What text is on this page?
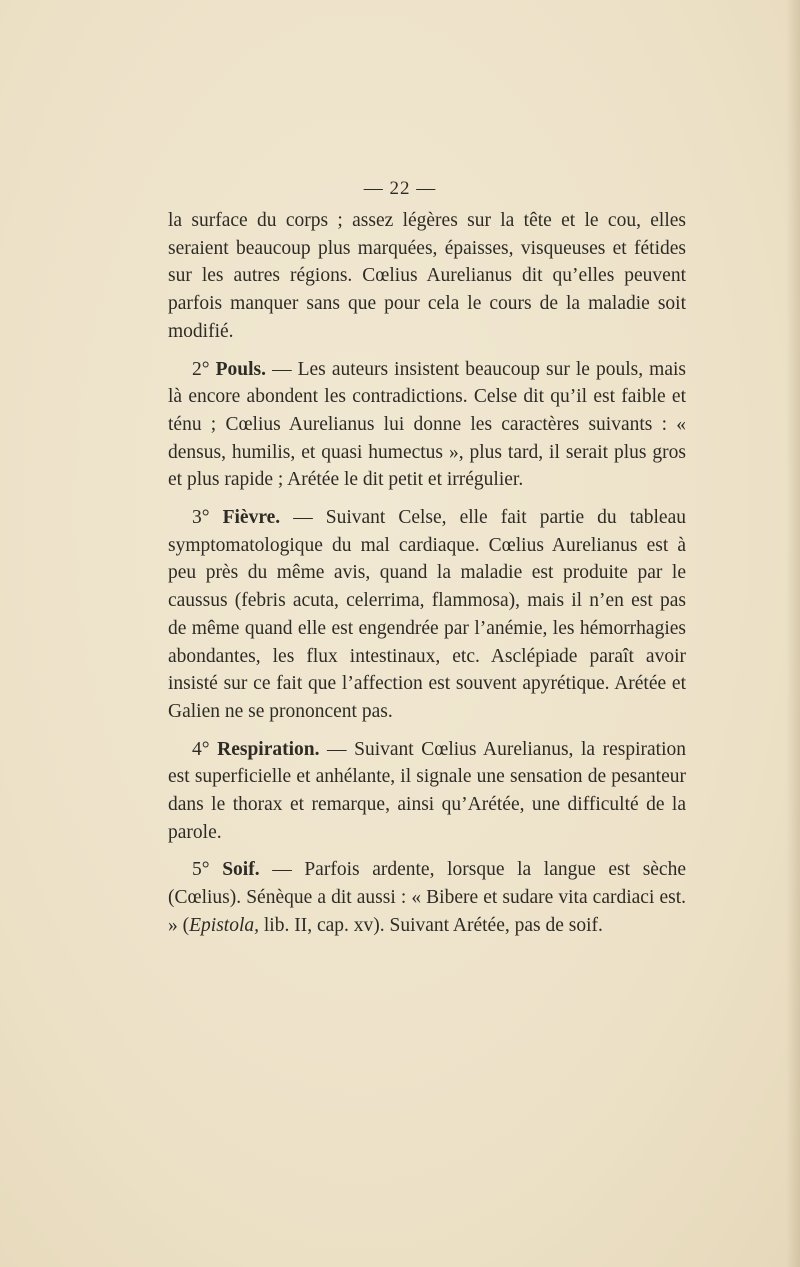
— 22 —

la surface du corps ; assez légères sur la tête et le cou, elles seraient beaucoup plus marquées, épaisses, visqueuses et fétides sur les autres régions. Cœlius Aurelianus dit qu’elles peuvent parfois manquer sans que pour cela le cours de la maladie soit modifié.

2° Pouls. — Les auteurs insistent beaucoup sur le pouls, mais là encore abondent les contradictions. Celse dit qu’il est faible et ténu ; Cœlius Aurelianus lui donne les caractères suivants : « densus, humilis, et quasi humectus », plus tard, il serait plus gros et plus rapide ; Arétée le dit petit et irrégulier.

3° Fièvre. — Suivant Celse, elle fait partie du tableau symptomatologique du mal cardiaque. Cœlius Aurelianus est à peu près du même avis, quand la maladie est produite par le caussus (febris acuta, celerrima, flammosa), mais il n’en est pas de même quand elle est engendrée par l’anémie, les hémorrhagies abondantes, les flux intestinaux, etc. Asclépiade paraît avoir insisté sur ce fait que l’affection est souvent apyrétique. Arétée et Galien ne se prononcent pas.

4° Respiration. — Suivant Cœlius Aurelianus, la respiration est superficielle et anhélante, il signale une sensation de pesanteur dans le thorax et remarque, ainsi qu’Arétée, une difficulté de la parole.

5° Soif. — Parfois ardente, lorsque la langue est sèche (Cœlius). Sénèque a dit aussi : « Bibere et sudare vita cardiaci est. » (Epistola, lib. II, cap. xv). Suivant Arétée, pas de soif.
